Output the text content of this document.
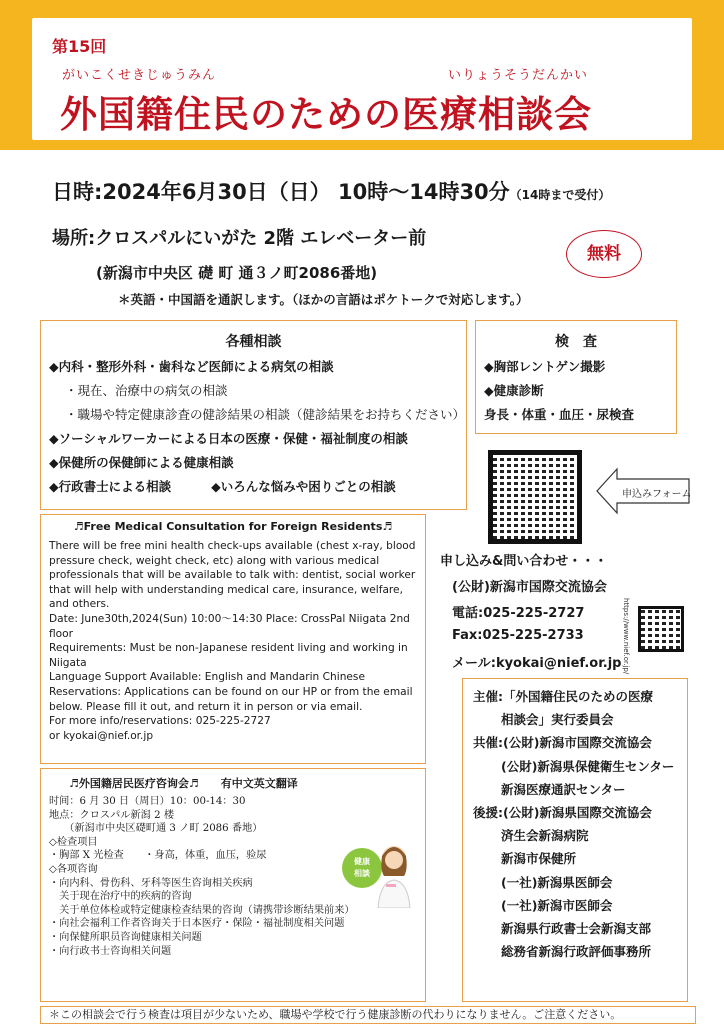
第15回
がいこくせきじゅうみん	いりょうそうだんかい
外国籍住民のための医療相談会
日時:2024年6月30日（日） 10時～14時30分（14時まで受付）
場所:クロスパルにいがた 2階 エレベーター前
(新潟市中央区 礎 町 通３ノ町2086番地)
＊英語・中国語を通訳します。（ほかの言語はポケトークで対応します。）
無料
各種相談
◆内科・整形外科・歯科など医師による病気の相談
・現在、治療中の病気の相談
・職場や特定健康診査の健診結果の相談（健診結果をお持ちください）
◆ソーシャルワーカーによる日本の医療・保健・福祉制度の相談
◆保健所の保健師による健康相談
◆行政書士による相談	◆いろんな悩みや困りごとの相談
検　査
◆胸部レントゲン撮影
◆健康診断
身長・体重・血圧・尿検査
申込みフォーム
申し込み&問い合わせ・・・
(公財)新潟市国際交流協会
電話:025-225-2727
Fax:025-225-2733
メール:kyokai@nief.or.jp https://www.nief.or.jp/
♬Free Medical Consultation for Foreign Residents♬
There will be free mini health check-ups available (chest x-ray, blood pressure check, weight check, etc) along with various medical professionals that will be available to talk with: dentist, social worker that will help with understanding medical care, insurance, welfare, and others.
Date: June30th,2024(Sun) 10:00～14:30 Place: CrossPal Niigata 2nd floor
Requirements: Must be non-Japanese resident living and working in Niigata
Language Support Available: English and Mandarin Chinese
Reservations: Applications can be found on our HP or from the email below. Please fill it out, and return it in person or via email.
For more info/reservations: 025-225-2727
or kyokai@nief.or.jp
♬外国籍居民医疗咨询会♬　　有中文英文翻译
时间：6 月 30 日（周日）10：00-14：30
地点：クロスパル新潟 2 楼
　　（新潟市中央区礎町通 3 ノ町 2086 番地）
◇检查项目
・胸部 X 光检查　　・身高，体重，血压，验尿
◇各项咨询
・向内科、骨伤科、牙科等医生咨询相关疾病
　关于现在治疗中的疾病的咨询
　关于单位体检或特定健康检查结果的咨询（请携带诊断结果前来）
・向社会福利工作者咨询关于日本医疗・保险・福祉制度相关问题
・向保健所职员咨询健康相关问题
・向行政书士咨询相关问题
健康
相談
主催:「外国籍住民のための医療
相談会」実行委員会
共催:(公財)新潟市国際交流協会
(公財)新潟県保健衛生センター
新潟医療通訳センター
後援:(公財)新潟県国際交流協会
済生会新潟病院
新潟市保健所
(一社)新潟県医師会
(一社)新潟市医師会
新潟県行政書士会新潟支部
総務省新潟行政評価事務所
＊この相談会で行う検査は項目が少ないため、職場や学校で行う健康診断の代わりになりません。ご注意ください。
